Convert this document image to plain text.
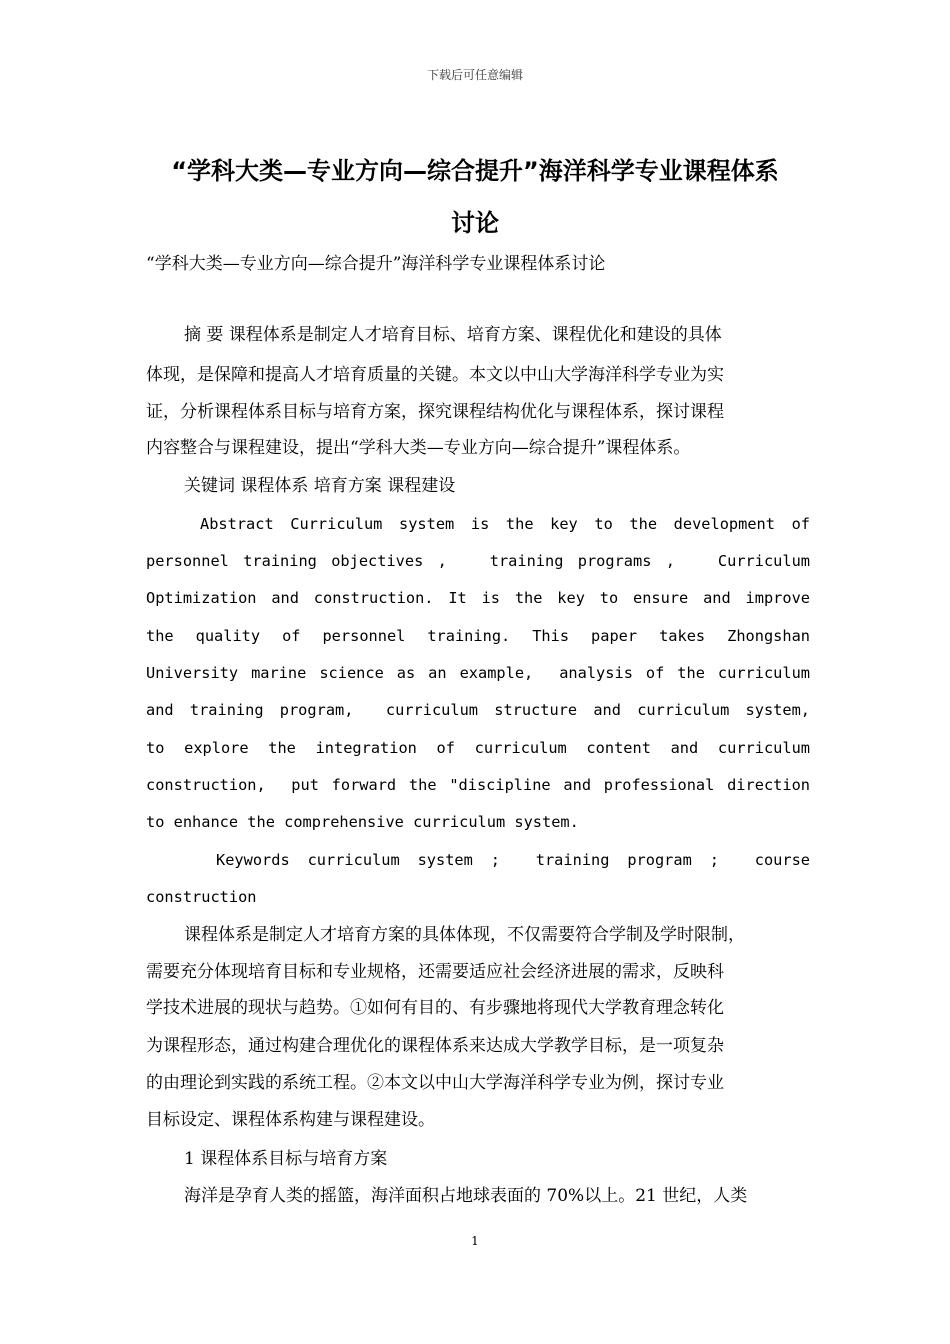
下载后可任意编辑
“学科大类—专业方向—综合提升”海洋科学专业课程体系
讨论
“学科大类—专业方向—综合提升”海洋科学专业课程体系讨论
摘 要 课程体系是制定人才培育目标、培育方案、课程优化和建设的具体
体现，是保障和提高人才培育质量的关键。本文以中山大学海洋科学专业为实
证，分析课程体系目标与培育方案，探究课程结构优化与课程体系，探讨课程
内容整合与课程建设，提出“学科大类—专业方向—综合提升”课程体系。
关键词 课程体系 培育方案 课程建设
Abstract Curriculum system is the key to the development of
personnel training objectives ,   training programs ,   Curriculum
Optimization and construction. It is the key to ensure and improve
the quality of personnel training. This paper takes Zhongshan
University marine science as an example,  analysis of the curriculum
and training program,  curriculum structure and curriculum system,
to explore the integration of curriculum content and curriculum
construction,  put forward the "discipline and professional direction
to enhance the comprehensive curriculum system.
Keywords curriculum system ;  training program ;  course
construction
课程体系是制定人才培育方案的具体体现，不仅需要符合学制及学时限制，
需要充分体现培育目标和专业规格，还需要适应社会经济进展的需求，反映科
学技术进展的现状与趋势。①如何有目的、有步骤地将现代大学教育理念转化
为课程形态，通过构建合理优化的课程体系来达成大学教学目标，是一项复杂
的由理论到实践的系统工程。②本文以中山大学海洋科学专业为例，探讨专业
目标设定、课程体系构建与课程建设。
1 课程体系目标与培育方案
海洋是孕育人类的摇篮，海洋面积占地球表面的 70%以上。21 世纪，人类
1
